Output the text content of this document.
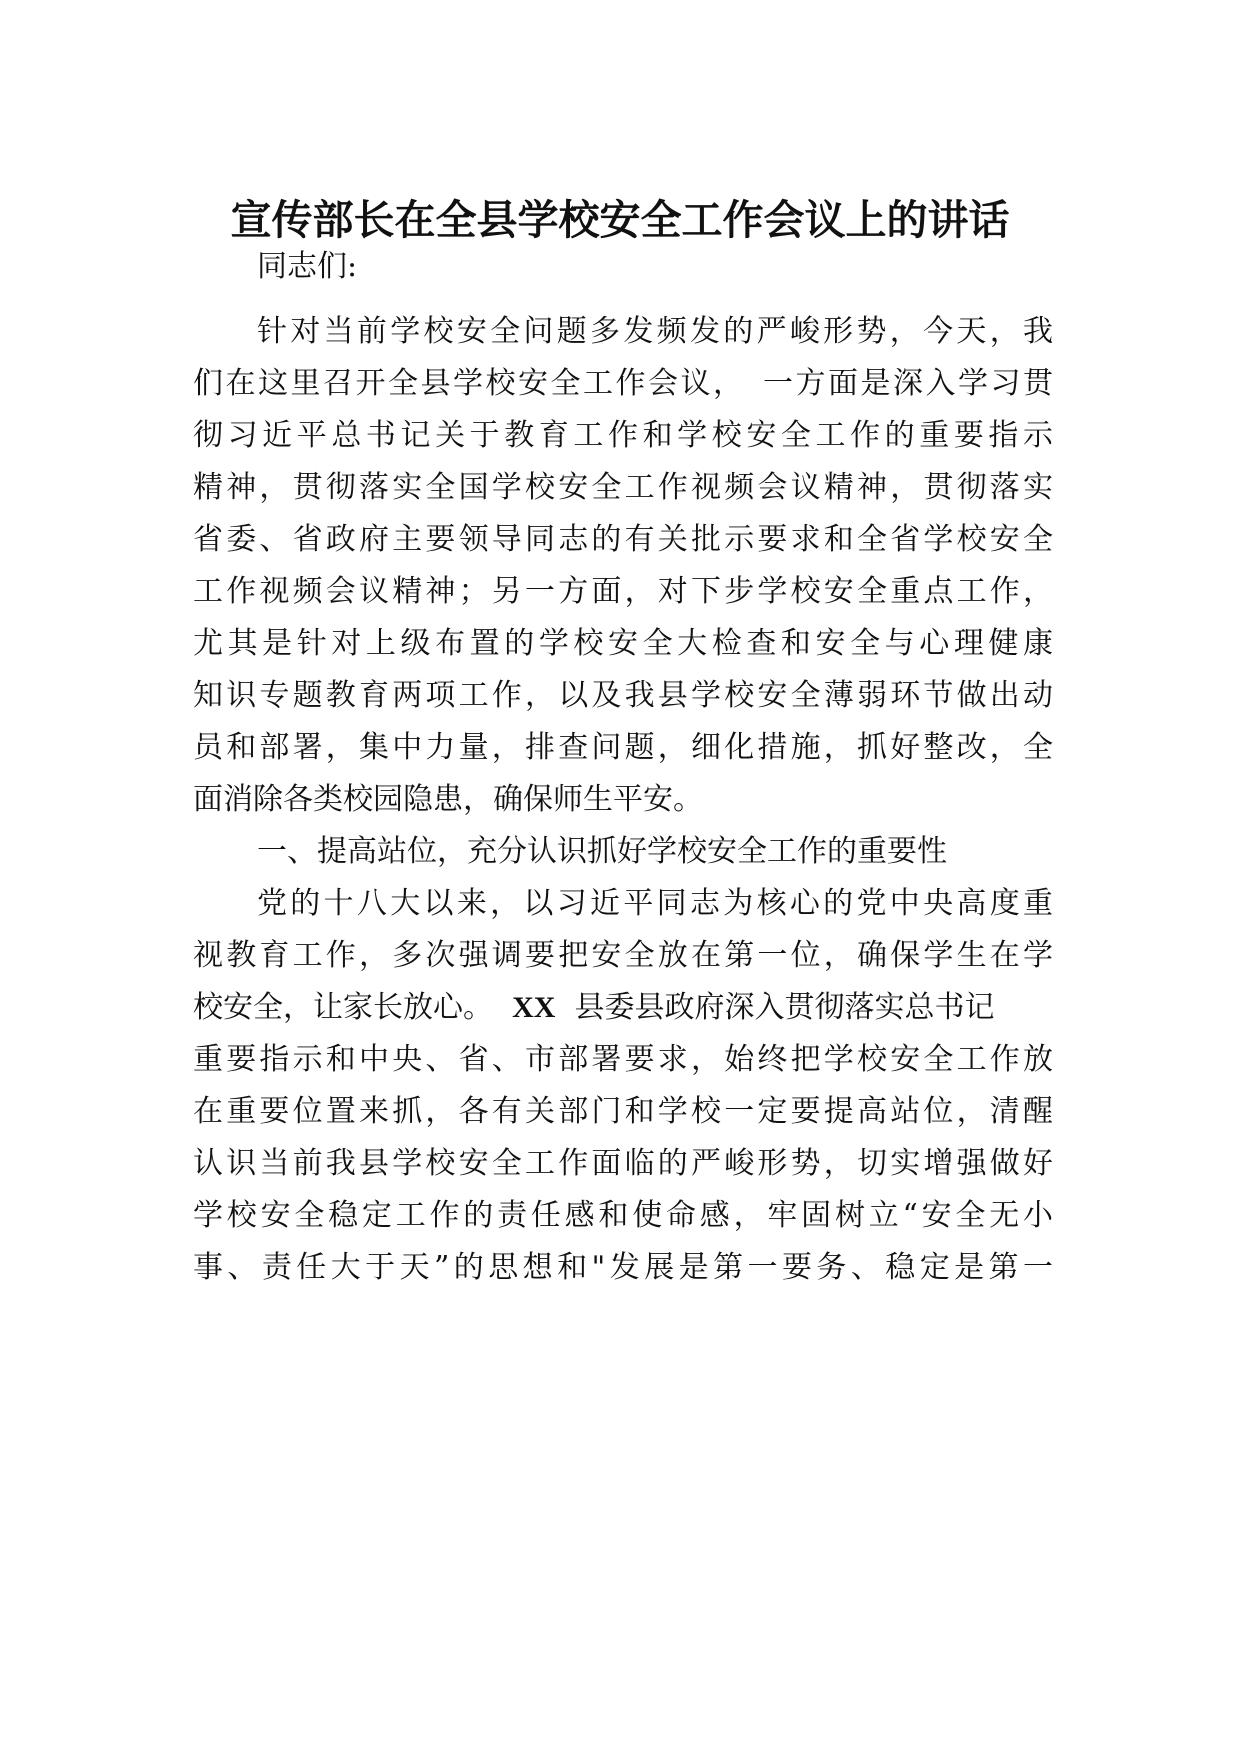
宣传部长在全县学校安全工作会议上的讲话
同志们:
针对当前学校安全问题多发频发的严峻形势，今天，我
们在这里召开全县学校安全工作会议，　一方面是深入学习贯
彻习近平总书记关于教育工作和学校安全工作的重要指示
精神，贯彻落实全国学校安全工作视频会议精神，贯彻落实
省委、省政府主要领导同志的有关批示要求和全省学校安全
工作视频会议精神；另一方面，对下步学校安全重点工作，
尤其是针对上级布置的学校安全大检查和安全与心理健康
知识专题教育两项工作，以及我县学校安全薄弱环节做出动
员和部署，集中力量，排查问题，细化措施，抓好整改，全
面消除各类校园隐患，确保师生平安。
一、提高站位，充分认识抓好学校安全工作的重要性
党的十八大以来，以习近平同志为核心的党中央高度重
视教育工作，多次强调要把安全放在第一位，确保学生在学
校安全，让家长放心。 XX 县委县政府深入贯彻落实总书记
重要指示和中央、省、市部署要求，始终把学校安全工作放
在重要位置来抓，各有关部门和学校一定要提高站位，清醒
认识当前我县学校安全工作面临的严峻形势，切实增强做好
学校安全稳定工作的责任感和使命感，牢固树立“安全无小
事、责任大于天”的思想和"发展是第一要务、稳定是第一
